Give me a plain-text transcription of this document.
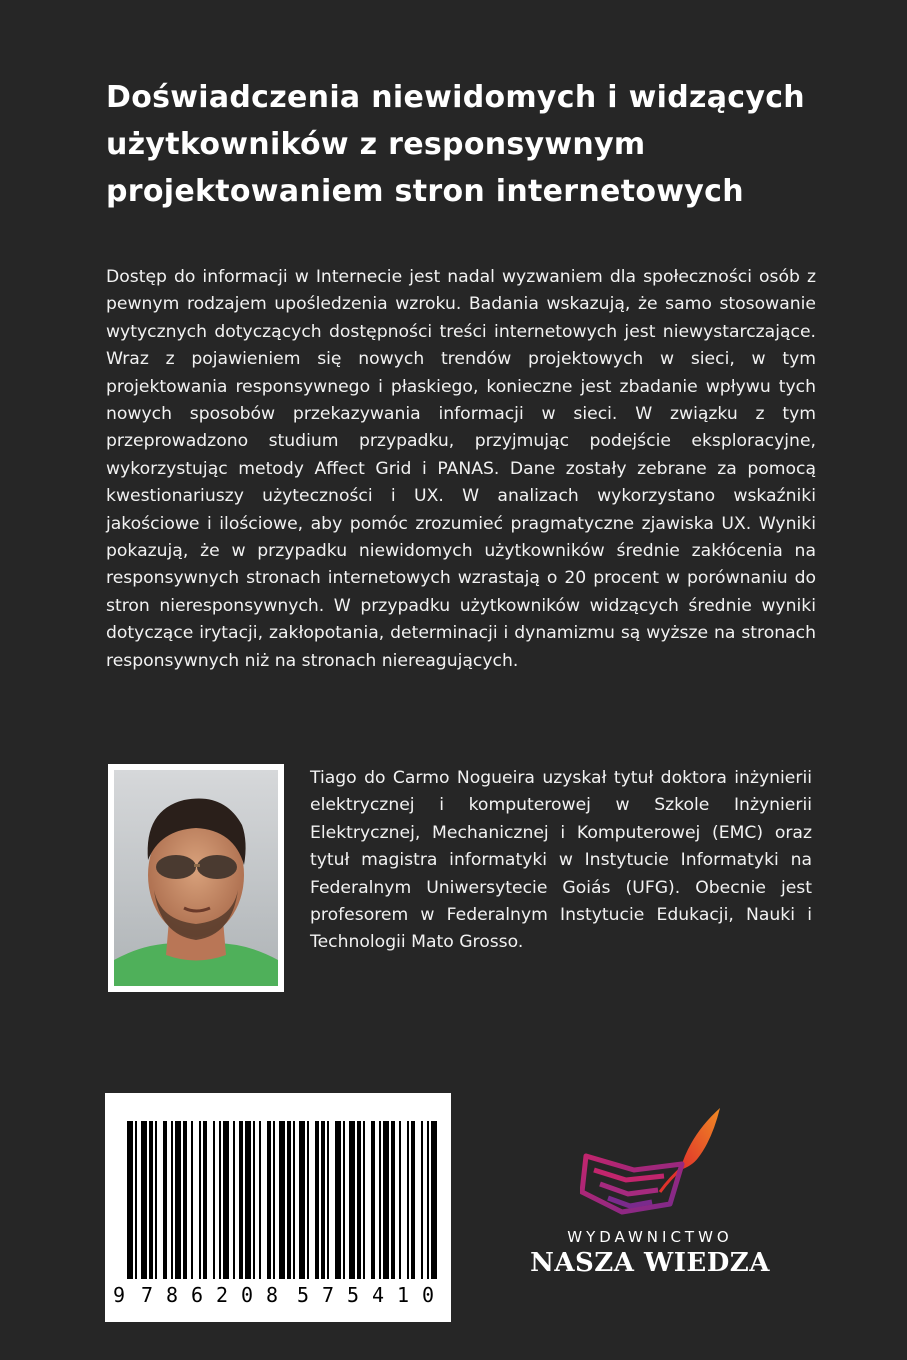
Doświadczenia niewidomych i widzących użytkowników z responsywnym projektowaniem stron internetowych

Dostęp do informacji w Internecie jest nadal wyzwaniem dla społeczności osób z pewnym rodzajem upośledzenia wzroku. Badania wskazują, że samo stosowanie wytycznych dotyczących dostępności treści internetowych jest niewystarczające. Wraz z pojawieniem się nowych trendów projektowych w sieci, w tym projektowania responsywnego i płaskiego, konieczne jest zbadanie wpływu tych nowych sposobów przekazywania informacji w sieci. W związku z tym przeprowadzono studium przypadku, przyjmując podejście eksploracyjne, wykorzystując metody Affect Grid i PANAS. Dane zostały zebrane za pomocą kwestionariuszy użyteczności i UX. W analizach wykorzystano wskaźniki jakościowe i ilościowe, aby pomóc zrozumieć pragmatyczne zjawiska UX. Wyniki pokazują, że w przypadku niewidomych użytkowników średnie zakłócenia na responsywnych stronach internetowych wzrastają o 20 procent w porównaniu do stron nieresponsywnych. W przypadku użytkowników widzących średnie wyniki dotyczące irytacji, zakłopotania, determinacji i dynamizmu są wyższe na stronach responsywnych niż na stronach niereagujących.

Tiago do Carmo Nogueira uzyskał tytuł doktora inżynierii elektrycznej i komputerowej w Szkole Inżynierii Elektrycznej, Mechanicznej i Komputerowej (EMC) oraz tytuł magistra informatyki w Instytucie Informatyki na Federalnym Uniwersytecie Goiás (UFG). Obecnie jest profesorem w Federalnym Instytucie Edukacji, Nauki i Technologii Mato Grosso.

9 7 8 6 2 0 8 5 7 5 4 1 0
WYDAWNICTWO
NASZA WIEDZA
